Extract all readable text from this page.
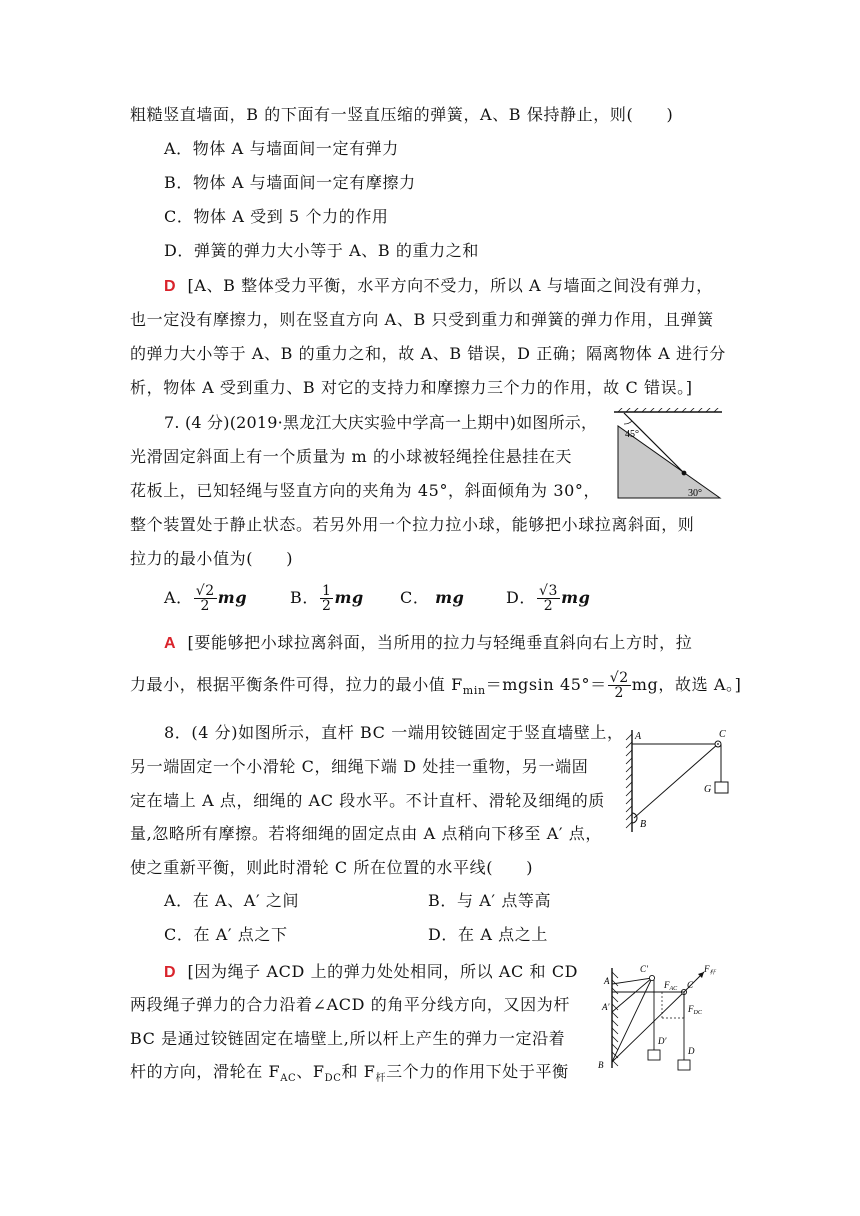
粗糙竖直墙面，B 的下面有一竖直压缩的弹簧，A、B 保持静止，则(　　)
A．物体 A 与墙面间一定有弹力
B．物体 A 与墙面间一定有摩擦力
C．物体 A 受到 5 个力的作用
D．弹簧的弹力大小等于 A、B 的重力之和
D [A、B 整体受力平衡，水平方向不受力，所以 A 与墙面之间没有弹力，
也一定没有摩擦力，则在竖直方向 A、B 只受到重力和弹簧的弹力作用，且弹簧
的弹力大小等于 A、B 的重力之和，故 A、B 错误，D 正确；隔离物体 A 进行分
析，物体 A 受到重力、B 对它的支持力和摩擦力三个力的作用，故 C 错误。]
7. (4 分)(2019·黑龙江大庆实验中学高一上期中)如图所示，
光滑固定斜面上有一个质量为 m 的小球被轻绳拴住悬挂在天
花板上，已知轻绳与竖直方向的夹角为 45°，斜面倾角为 30°，
整个装置处于静止状态。若另外用一个拉力拉小球，能够把小球拉离斜面，则
拉力的最小值为(　　)
45°
30°
A． $\frac{√2}{2}$ mg	B． $\frac{1}{2}$ mg C． mg	D． $\frac{√3}{2}$ mg
A [要能够把小球拉离斜面，当所用的拉力与轻绳垂直斜向右上方时，拉
力最小，根据平衡条件可得，拉力的最小值 $F_{min}=mgsin$ $45^\circ= \frac{√2}{2}$ mg，故选 A。]
8．(4 分)如图所示，直杆 BC 一端用铰链固定于竖直墙壁上，
另一端固定一个小滑轮 C，细绳下端 D 处挂一重物，另一端固
定在墙上 A 点，细绳的 AC 段水平。不计直杆、滑轮及细绳的质
量,忽略所有摩擦。若将细绳的固定点由 A 点稍向下移至 A′ 点，
使之重新平衡，则此时滑轮 C 所在位置的水平线(　　)
A	C
G
B
A．在 A、A′ 之间	B．与 A′ 点等高
C．在 A′ 点之下	D．在 A 点之上
D [因为绳子 ACD 上的弹力处处相同，所以 AC 和 CD
两段绳子弹力的合力沿着∠ACD 的角平分线方向，又因为杆
BC 是通过铰链固定在墙壁上,所以杆上产生的弹力一定沿着
杆的方向，滑轮在 $F_{AC}$、$F_{DC}$和 $F_杆$三个力的作用下处于平衡
A
A′
C′
C
B
D′
D
$F_{AC}$
$F_{DC}$
$F_杆$
